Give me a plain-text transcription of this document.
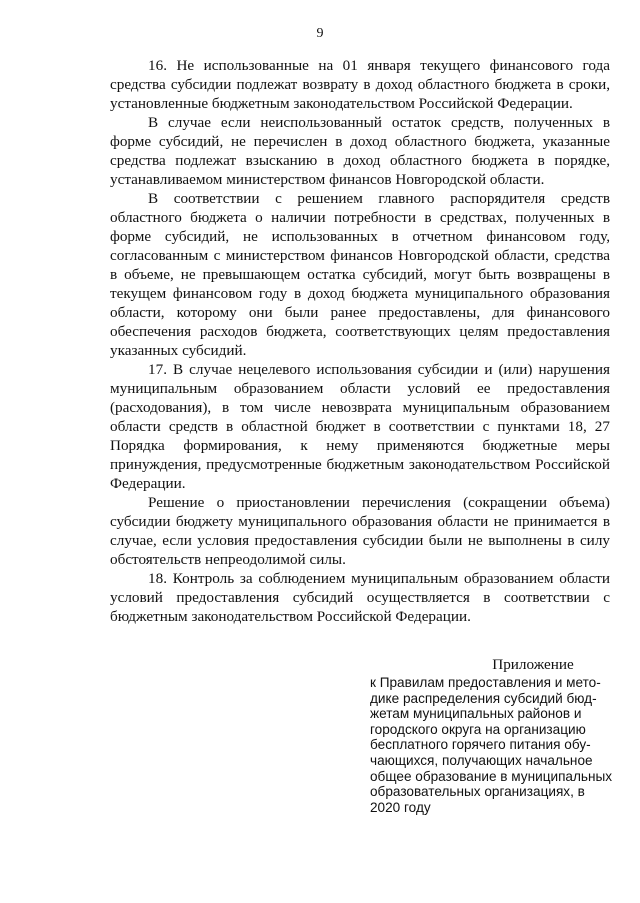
9

16. Не использованные на 01 января текущего финансового года средства субсидии подлежат возврату в доход областного бюджета в сроки, установленные бюджетным законодательством Российской Федерации.

В случае если неиспользованный остаток средств, полученных в форме субсидий, не перечислен в доход областного бюджета, указанные средства подлежат взысканию в доход областного бюджета в порядке, устанавливаемом министерством финансов Новгородской области.

В соответствии с решением главного распорядителя средств областного бюджета о наличии потребности в средствах, полученных в форме субсидий, не использованных в отчетном финансовом году, согласованным с министерством финансов Новгородской области, средства в объеме, не превышающем остатка субсидий, могут быть возвращены в текущем финансовом году в доход бюджета муниципального образования области, которому они были ранее предоставлены, для финансового обеспечения расходов бюджета, соответствующих целям предоставления указанных субсидий.

17. В случае нецелевого использования субсидии и (или) нарушения муниципальным образованием области условий ее предоставления (расходования), в том числе невозврата муниципальным образованием области средств в областной бюджет в соответствии с пунктами 18, 27 Порядка формирования, к нему применяются бюджетные меры принуждения, предусмотренные бюджетным законодательством Российской Федерации.

Решение о приостановлении перечисления (сокращении объема) субсидии бюджету муниципального образования области не принимается в случае, если условия предоставления субсидии были не выполнены в силу обстоятельств непреодолимой силы.

18. Контроль за соблюдением муниципальным образованием области условий предоставления субсидий осуществляется в соответствии с бюджетным законодательством Российской Федерации.

Приложение
к Правилам предоставления и мето-
дике распределения субсидий бюд-
жетам муниципальных районов и
городского округа на организацию
бесплатного горячего питания обу-
чающихся, получающих начальное
общее образование в муниципальных
образовательных организациях, в
2020 году
